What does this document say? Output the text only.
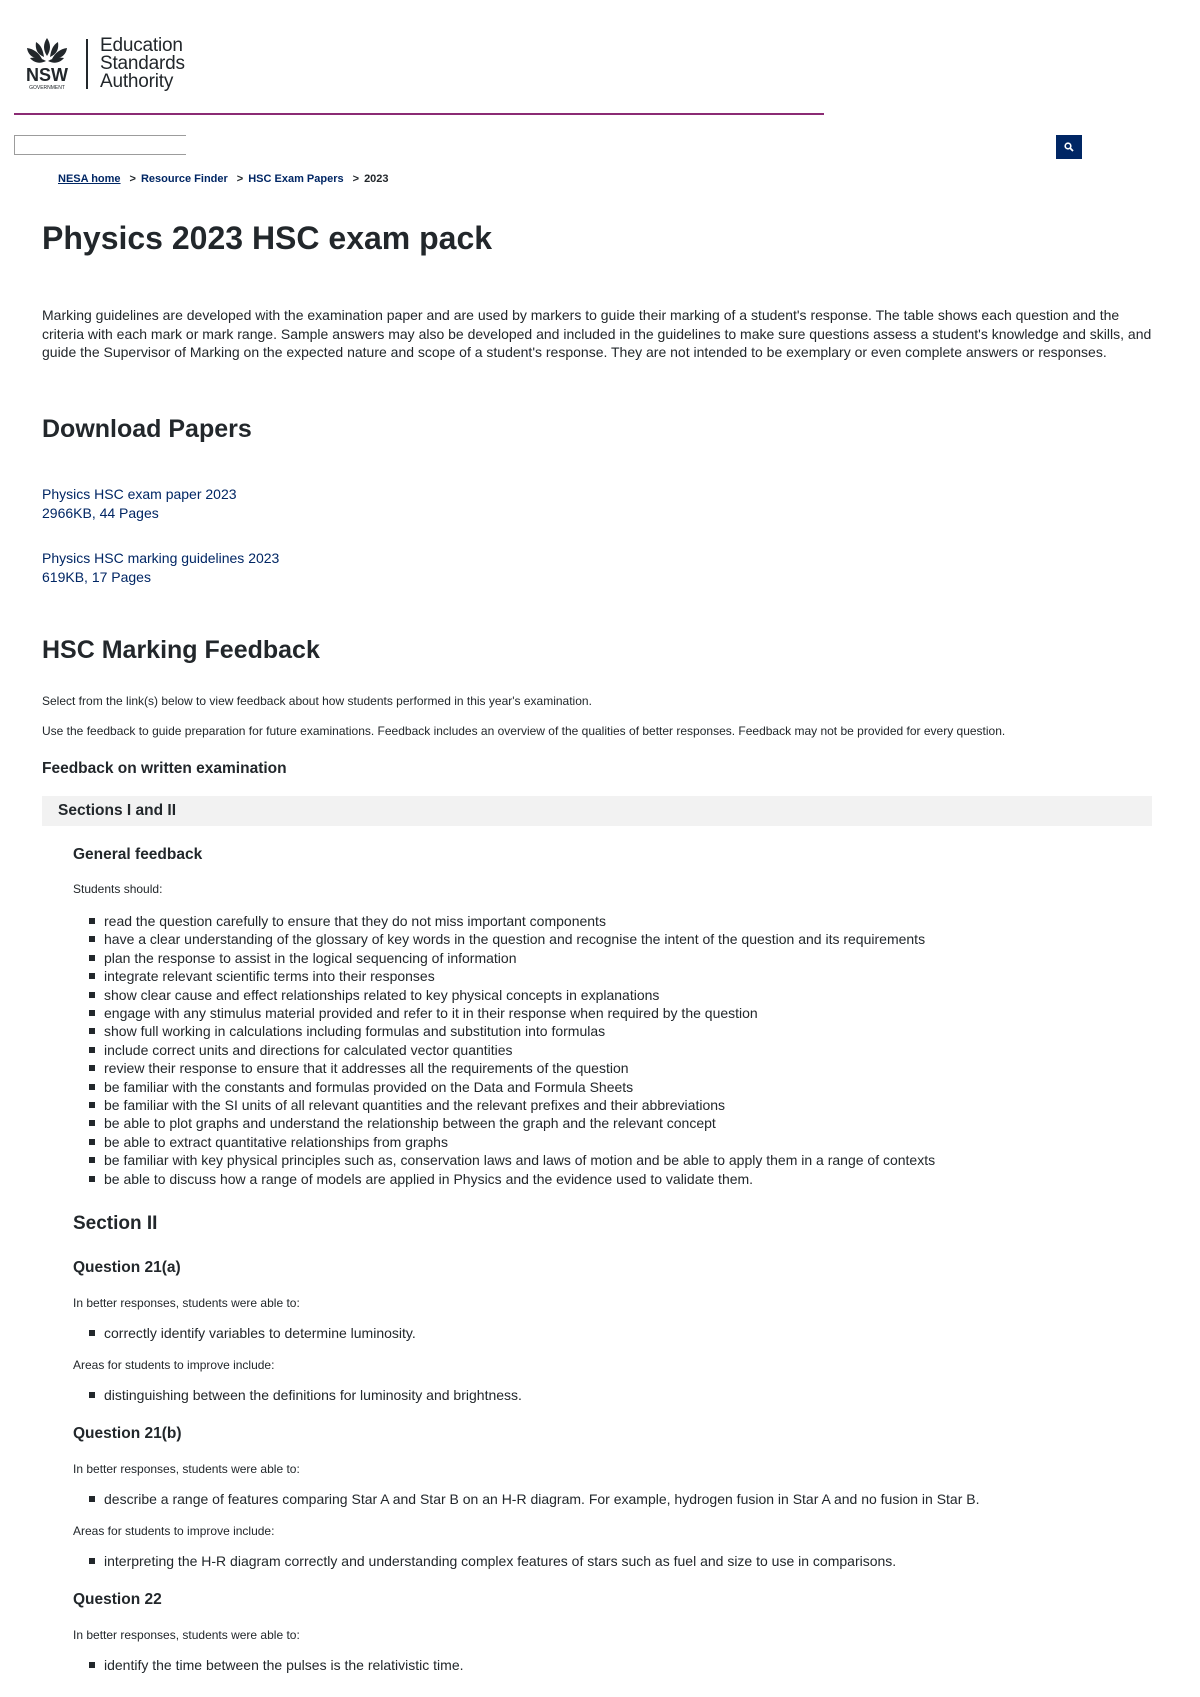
NSW
GOVERNMENT
Education
Standards
Authority
NESA home > Resource Finder > HSC Exam Papers > 2023
Physics 2023 HSC exam pack

Marking guidelines are developed with the examination paper and are used by markers to guide their marking of a student's response. The table shows each question and the criteria with each mark or mark range. Sample answers may also be developed and included in the guidelines to make sure questions assess a student's knowledge and skills, and guide the Supervisor of Marking on the expected nature and scope of a student's response. They are not intended to be exemplary or even complete answers or responses.

Download Papers
Physics HSC exam paper 2023
2966KB, 44 Pages
Physics HSC marking guidelines 2023
619KB, 17 Pages
HSC Marking Feedback

Select from the link(s) below to view feedback about how students performed in this year's examination.

Use the feedback to guide preparation for future examinations. Feedback includes an overview of the qualities of better responses. Feedback may not be provided for every question.

Feedback on written examination
Sections I and II
General feedback

Students should:

read the question carefully to ensure that they do not miss important components
have a clear understanding of the glossary of key words in the question and recognise the intent of the question and its requirements
plan the response to assist in the logical sequencing of information
integrate relevant scientific terms into their responses
show clear cause and effect relationships related to key physical concepts in explanations
engage with any stimulus material provided and refer to it in their response when required by the question
show full working in calculations including formulas and substitution into formulas
include correct units and directions for calculated vector quantities
review their response to ensure that it addresses all the requirements of the question
be familiar with the constants and formulas provided on the Data and Formula Sheets
be familiar with the SI units of all relevant quantities and the relevant prefixes and their abbreviations
be able to plot graphs and understand the relationship between the graph and the relevant concept
be able to extract quantitative relationships from graphs
be familiar with key physical principles such as, conservation laws and laws of motion and be able to apply them in a range of contexts
be able to discuss how a range of models are applied in Physics and the evidence used to validate them.
Section II
Question 21(a)

In better responses, students were able to:

correctly identify variables to determine luminosity.

Areas for students to improve include:

distinguishing between the definitions for luminosity and brightness.
Question 21(b)

In better responses, students were able to:

describe a range of features comparing Star A and Star B on an H-R diagram. For example, hydrogen fusion in Star A and no fusion in Star B.

Areas for students to improve include:

interpreting the H-R diagram correctly and understanding complex features of stars such as fuel and size to use in comparisons.
Question 22

In better responses, students were able to:

identify the time between the pulses is the relativistic time.
